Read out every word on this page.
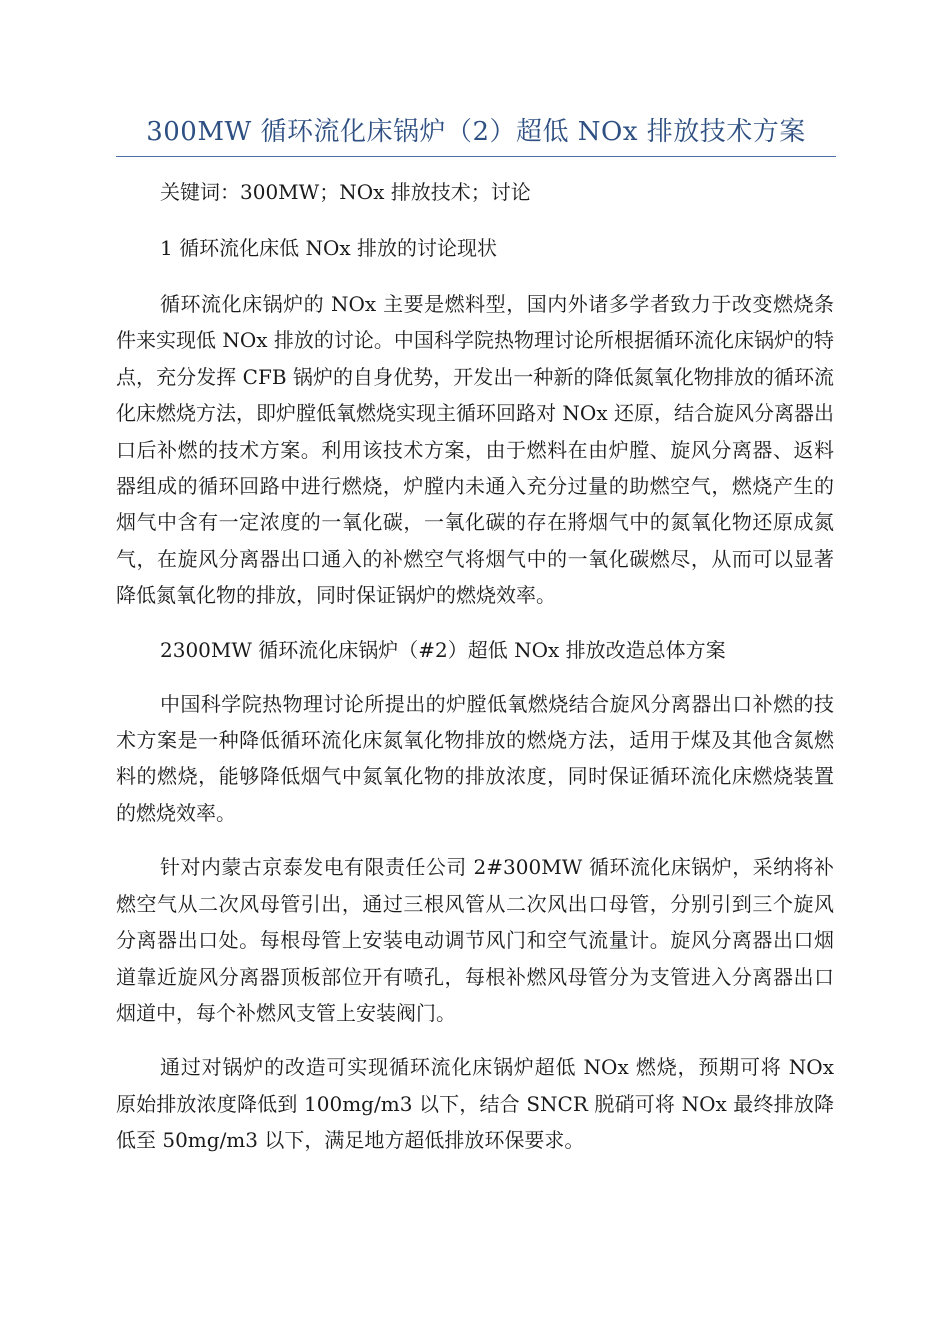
300MW 循环流化床锅炉（2）超低 NOx 排放技术方案

关键词：300MW；NOx 排放技术；讨论

1 循环流化床低 NOx 排放的讨论现状

循环流化床锅炉的 NOx 主要是燃料型，国内外诸多学者致力于改变燃烧条件来实现低 NOx 排放的讨论。中国科学院热物理讨论所根据循环流化床锅炉的特点，充分发挥 CFB 锅炉的自身优势，开发出一种新的降低氮氧化物排放的循环流化床燃烧方法，即炉膛低氧燃烧实现主循环回路对 NOx 还原，结合旋风分离器出口后补燃的技术方案。利用该技术方案，由于燃料在由炉膛、旋风分离器、返料器组成的循环回路中进行燃烧，炉膛内未通入充分过量的助燃空气，燃烧产生的烟气中含有一定浓度的一氧化碳，一氧化碳的存在將烟气中的氮氧化物还原成氮气，在旋风分离器出口通入的补燃空气将烟气中的一氧化碳燃尽，从而可以显著降低氮氧化物的排放，同时保证锅炉的燃烧效率。

2300MW 循环流化床锅炉（#2）超低 NOx 排放改造总体方案

中国科学院热物理讨论所提出的炉膛低氧燃烧结合旋风分离器出口补燃的技术方案是一种降低循环流化床氮氧化物排放的燃烧方法，适用于煤及其他含氮燃料的燃烧，能够降低烟气中氮氧化物的排放浓度，同时保证循环流化床燃烧装置的燃烧效率。

针对内蒙古京泰发电有限责任公司 2#300MW 循环流化床锅炉，采纳将补燃空气从二次风母管引出，通过三根风管从二次风出口母管，分别引到三个旋风分离器出口处。每根母管上安装电动调节风门和空气流量计。旋风分离器出口烟道靠近旋风分离器顶板部位开有喷孔，每根补燃风母管分为支管进入分离器出口烟道中，每个补燃风支管上安装阀门。

通过对锅炉的改造可实现循环流化床锅炉超低 NOx 燃烧，预期可将 NOx 原始排放浓度降低到 100mg/m3 以下，结合 SNCR 脱硝可将 NOx 最终排放降低至 50mg/m3 以下，满足地方超低排放环保要求。
